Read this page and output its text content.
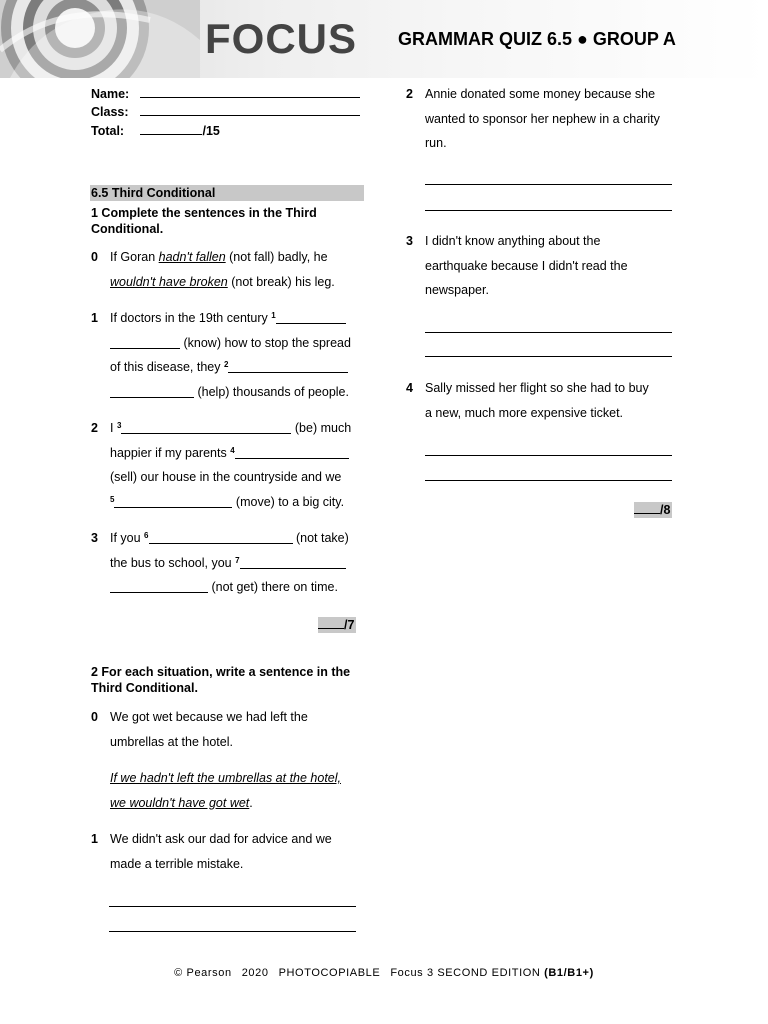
FOCUS GRAMMAR QUIZ 6.5 ● GROUP A
Name:
Class:
Total:	/15
6.5 Third Conditional
1 Complete the sentences in the Third Conditional.
0 If Goran hadn't fallen (not fall) badly, he
wouldn't have broken (not break) his leg.
1 If doctors in the 19th century $^1$
(know) how to stop the spread
of this disease, they $^2$
(help) thousands of people.
2 I $^3$	(be) much
happier if my parents $^4$
(sell) our house in the countryside and we
$^5$	(move) to a big city.
3 If you $^6$	(not take)
the bus to school, you $^7$
(not get) there on time.
/7
2 For each situation, write a sentence in the Third Conditional.
0 We got wet because we had left the
umbrellas at the hotel.
If we hadn't left the umbrellas at the hotel,
we wouldn't have got wet.
1 We didn't ask our dad for advice and we
made a terrible mistake.
2 Annie donated some money because she
wanted to sponsor her nephew in a charity
run.
3 I didn't know anything about the
earthquake because I didn't read the
newspaper.
4 Sally missed her flight so she had to buy
a new, much more expensive ticket.
/8
© Pearson 2020 PHOTOCOPIABLE Focus 3 SECOND EDITION (B1/B1+)
